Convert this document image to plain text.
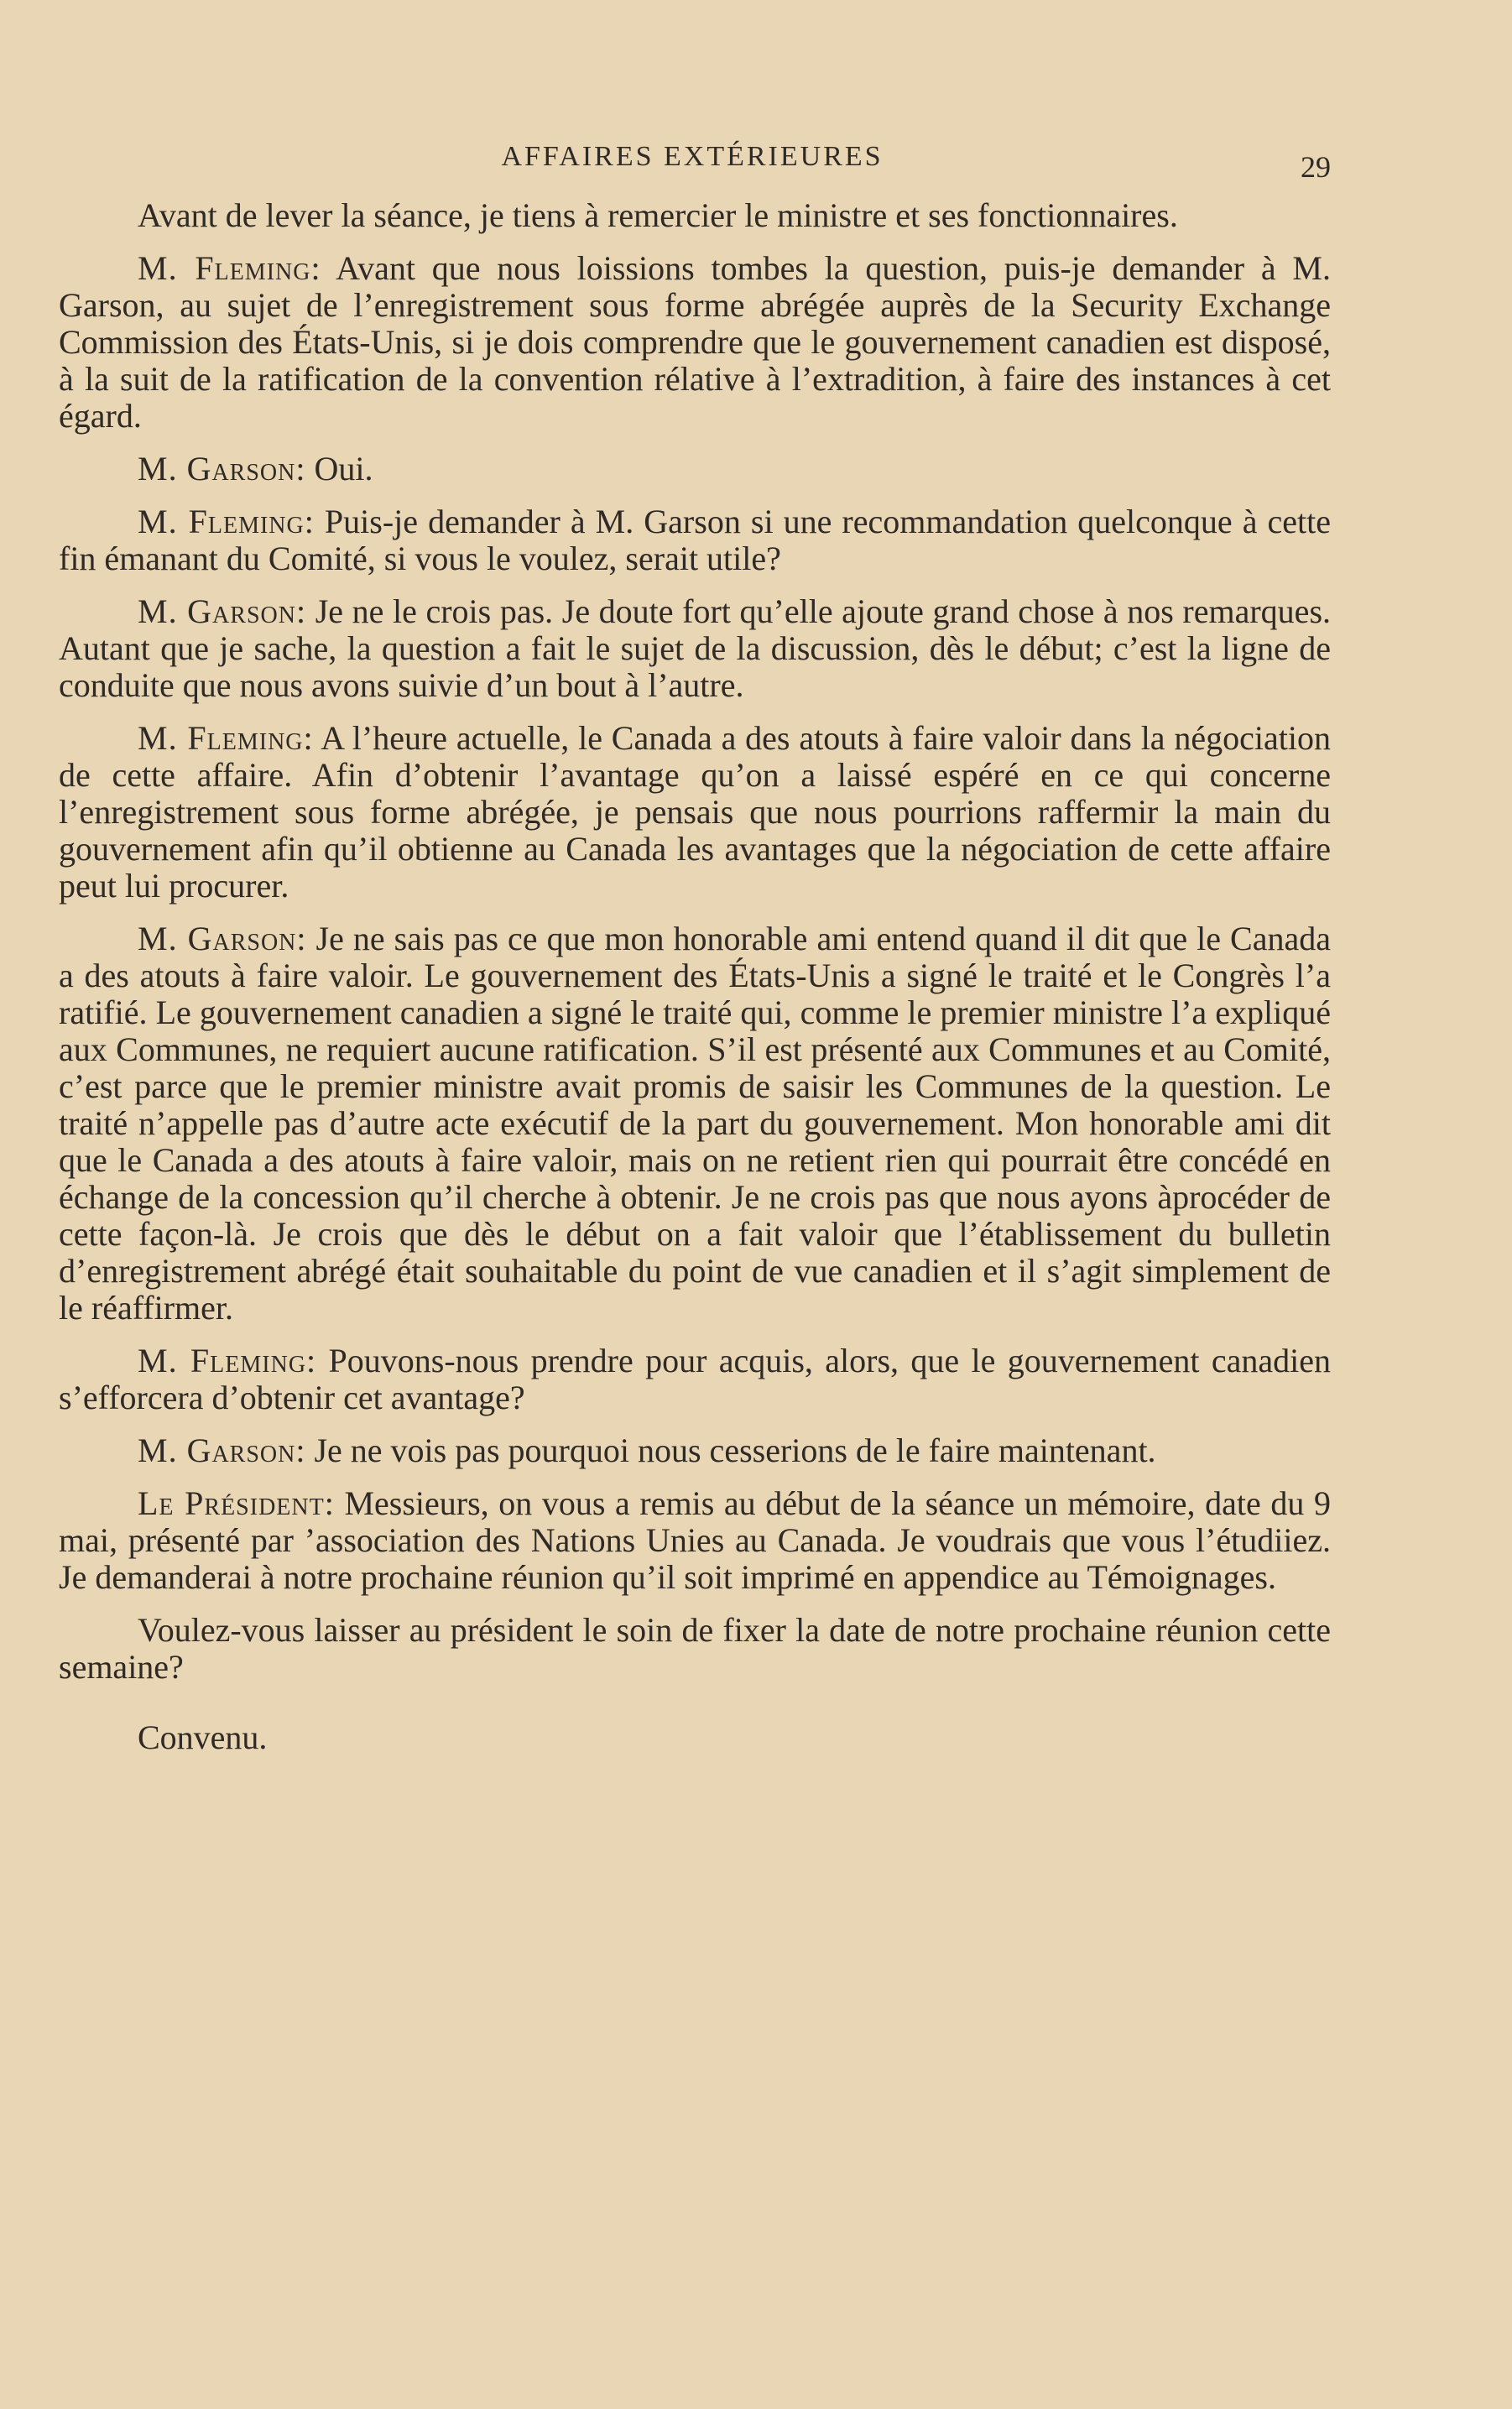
AFFAIRES EXTÉRIEURES	29

Avant de lever la séance, je tiens à remercier le ministre et ses fonctionnaires.

M. Fleming: Avant que nous loissions tombes la question, puis-je demander à M. Garson, au sujet de l’enregistrement sous forme abrégée auprès de la Security Exchange Commission des États-Unis, si je dois comprendre que le gouvernement canadien est disposé, à la suit de la ratification de la convention rélative à l’extradition, à faire des instances à cet égard.

M. Garson: Oui.

M. Fleming: Puis-je demander à M. Garson si une recommandation quelconque à cette fin émanant du Comité, si vous le voulez, serait utile?

M. Garson: Je ne le crois pas. Je doute fort qu’elle ajoute grand chose à nos remarques. Autant que je sache, la question a fait le sujet de la discussion, dès le début; c’est la ligne de conduite que nous avons suivie d’un bout à l’autre.

M. Fleming: A l’heure actuelle, le Canada a des atouts à faire valoir dans la négociation de cette affaire. Afin d’obtenir l’avantage qu’on a laissé espéré en ce qui concerne l’enregistrement sous forme abrégée, je pensais que nous pourrions raffermir la main du gouvernement afin qu’il obtienne au Canada les avantages que la négociation de cette affaire peut lui procurer.

M. Garson: Je ne sais pas ce que mon honorable ami entend quand il dit que le Canada a des atouts à faire valoir. Le gouvernement des États-Unis a signé le traité et le Congrès l’a ratifié. Le gouvernement canadien a signé le traité qui, comme le premier ministre l’a expliqué aux Communes, ne requiert aucune ratification. S’il est présenté aux Communes et au Comité, c’est parce que le premier ministre avait promis de saisir les Communes de la question. Le traité n’appelle pas d’autre acte exécutif de la part du gouvernement. Mon honorable ami dit que le Canada a des atouts à faire valoir, mais on ne retient rien qui pourrait être concédé en échange de la concession qu’il cherche à obtenir. Je ne crois pas que nous ayons àprocéder de cette façon-là. Je crois que dès le début on a fait valoir que l’établissement du bulletin d’enregistrement abrégé était souhaitable du point de vue canadien et il s’agit simplement de le réaffirmer.

M. Fleming: Pouvons-nous prendre pour acquis, alors, que le gouvernement canadien s’efforcera d’obtenir cet avantage?

M. Garson: Je ne vois pas pourquoi nous cesserions de le faire maintenant.

Le Président: Messieurs, on vous a remis au début de la séance un mémoire, date du 9 mai, présenté par ’association des Nations Unies au Canada. Je voudrais que vous l’étudiiez. Je demanderai à notre prochaine réunion qu’il soit imprimé en appendice au Témoignages.

Voulez-vous laisser au président le soin de fixer la date de notre prochaine réunion cette semaine?

Convenu.
